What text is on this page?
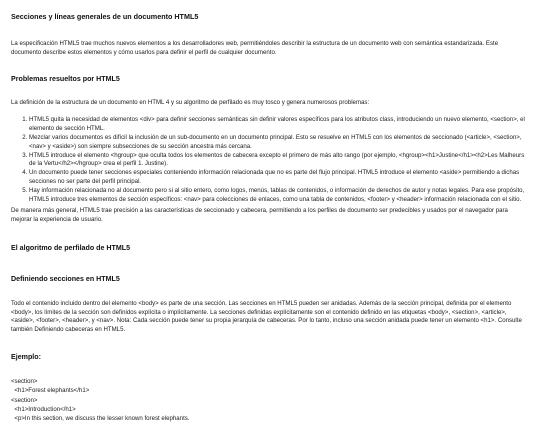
Secciones y líneas generales de un documento HTML5

La especificación HTML5 trae muchos nuevos elementos a los desarrolladores web, permitiéndoles describir la estructura de un documento web con semántica estandarizada. Este documento describe estos elementos y cómo usarlos para definir el perfil de cualquier documento.

Problemas resueltos por HTML5

La definición de la estructura de un documento en HTML 4 y su algoritmo de perfilado es muy tosco y genera numerosos problemas:

1. HTML5 quita la necesidad de elementos <div> para definir secciones semánticas sin definir valores específicos para los atributos class, introduciendo un nuevo elemento, <section>, el elemento de sección HTML.
2. Mezclar varios documentos es difícil la inclusión de un sub-documento en un documento principal. Esto se resuelve en HTML5 con los elementos de seccionado (<article>, <section>, <nav> y <aside>) son siempre subsecciones de su sección ancestra más cercana.
3. HTML5 introduce el elemento <hgroup> que oculta todos los elementos de cabecera excepto el primero de más alto rango (por ejemplo, <hgroup><h1>Justine</h1><h2>Les Malheurs de la Vertu</h2></hgroup> crea el perfil 1. Justine).
4. Un documento puede tener secciones especiales conteniendo información relacionada que no es parte del flujo principal. HTML5 introduce el elemento <aside> permitiendo a dichas secciones no ser parte del perfil principal.
5. Hay información relacionada no al documento pero si al sitio entero, como logos, menús, tablas de contenidos, o información de derechos de autor y notas legales. Para ese propósito, HTML5 introduce tres elementos de sección específicos: <nav> para colecciones de enlaces, como una tabla de contenidos, <footer> y <header> información relacionada con el sitio.

De manera más general, HTML5 trae precisión a las características de seccionado y cabecera, permitiendo a los perfiles de documento ser predecibles y usados por el navegador para mejorar la experiencia de usuario.

El algoritmo de perfilado de HTML5
Definiendo secciones en HTML5

Todo el contenido incluido dentro del elemento <body> es parte de una sección. Las secciones en HTML5 pueden ser anidadas. Además de la sección principal, definida por el elemento <body>, los límites de la sección son definidos explícita o implícitamente. La secciones definidas explícitamente son el contenido definido en las etiquetas <body>, <section>, <article>, <aside>, <footer>, <header>, y <nav>. Nota: Cada sección puede tener su propia jerarquía de cabeceras. Por lo tanto, incluso una sección anidada puede tener un elemento <h1>. Consulte también Definiendo cabeceras en HTML5.

Ejemplo:
<section>
<h1>Forest elephants</h1>
<section>
<h1>Introduction</h1>
<p>In this section, we discuss the lesser known forest elephants.
